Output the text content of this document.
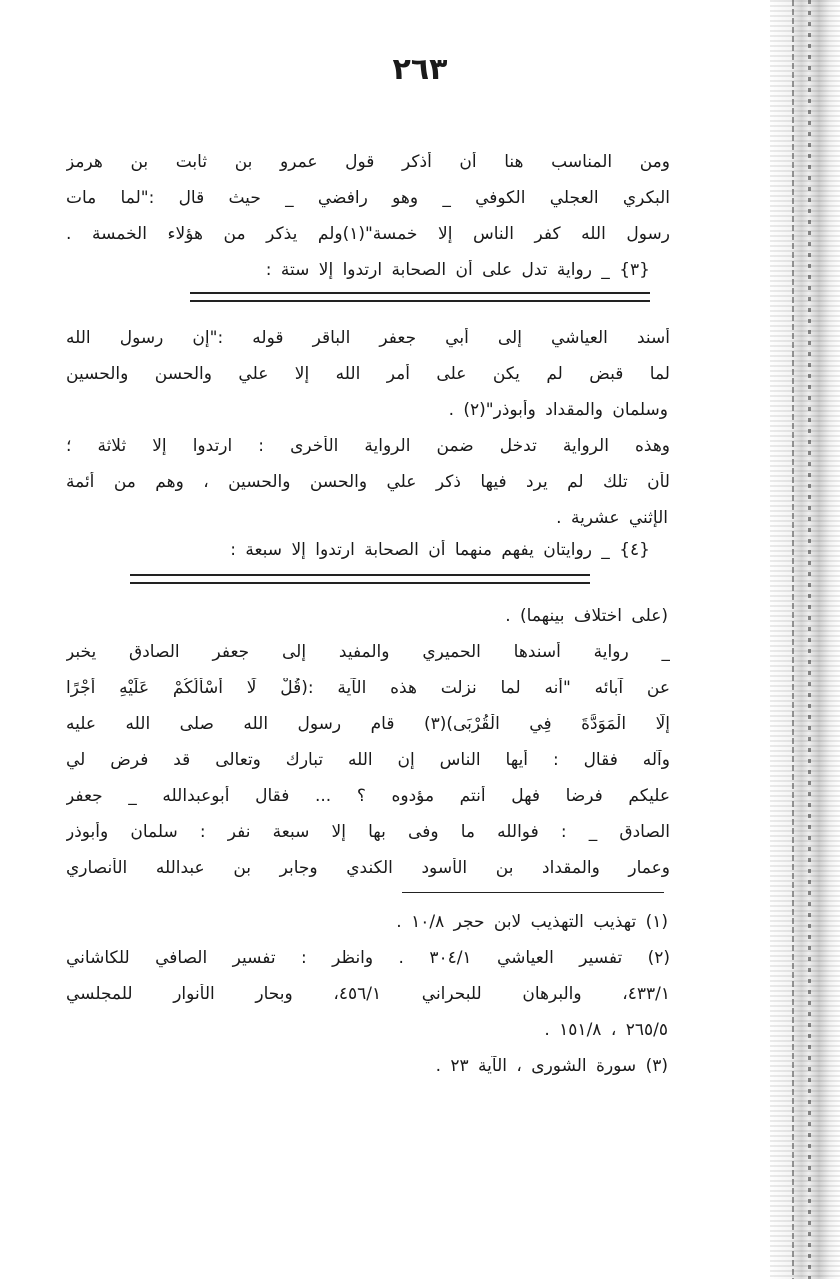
٢٦٣
ومن المناسب هنا أن أذكر قول عمرو بن ثابت بن هرمز
البكري العجلي الكوفي _ وهو رافضي _ حيث قال :"لما مات
رسول الله كفر الناس إلا خمسة"(١)ولم يذكر من هؤلاء الخمسة .
{٣} _ رواية تدل على أن الصحابة ارتدوا إلا ستة :
أسند العياشي إلى أبي جعفر الباقر قوله :"إن رسول الله
لما قبض لم يكن على أمر الله إلا علي والحسن والحسين
وسلمان والمقداد وأبوذر"(٢) .
وهذه الرواية تدخل ضمن الرواية الأخرى : ارتدوا إلا ثلاثة ؛
لأن تلك لم يرد فيها ذكر علي والحسن والحسين ، وهم من أئمة
الإثني عشرية .
{٤} _ روايتان يفهم منهما أن الصحابة ارتدوا إلا سبعة :
(على اختلاف بينهما) .
_ رواية أسندها الحميري والمفيد إلى جعفر الصادق يخبر
عن آبائه "أنه لما نزلت هذه الآية :(قُلْ لَا أَسْأَلُكُمْ عَلَيْهِ أَجْرًا
إِلَّا الْمَوَدَّةَ فِي الْقُرْبَى)(٣) قام رسول الله صلى الله عليه
وآله فقال : أيها الناس إن الله تبارك وتعالى قد فرض لي
عليكم فرضا فهل أنتم مؤدوه ؟ ... فقال أبوعبدالله _ جعفر
الصادق _ : فوالله ما وفى بها إلا سبعة نفر : سلمان وأبوذر
وعمار والمقداد بن الأسود الكندي وجابر بن عبدالله الأنصاري
(١) تهذيب التهذيب لابن حجر ١٠/٨ .
(٢) تفسير العياشي ٣٠٤/١ . وانظر : تفسير الصافي للكاشاني
٤٣٣/١، والبرهان للبحراني ٤٥٦/١، وبحار الأنوار للمجلسي
٢٦٥/٥ ، ١٥١/٨ .
(٣) سورة الشورى ، الآية ٢٣ .
